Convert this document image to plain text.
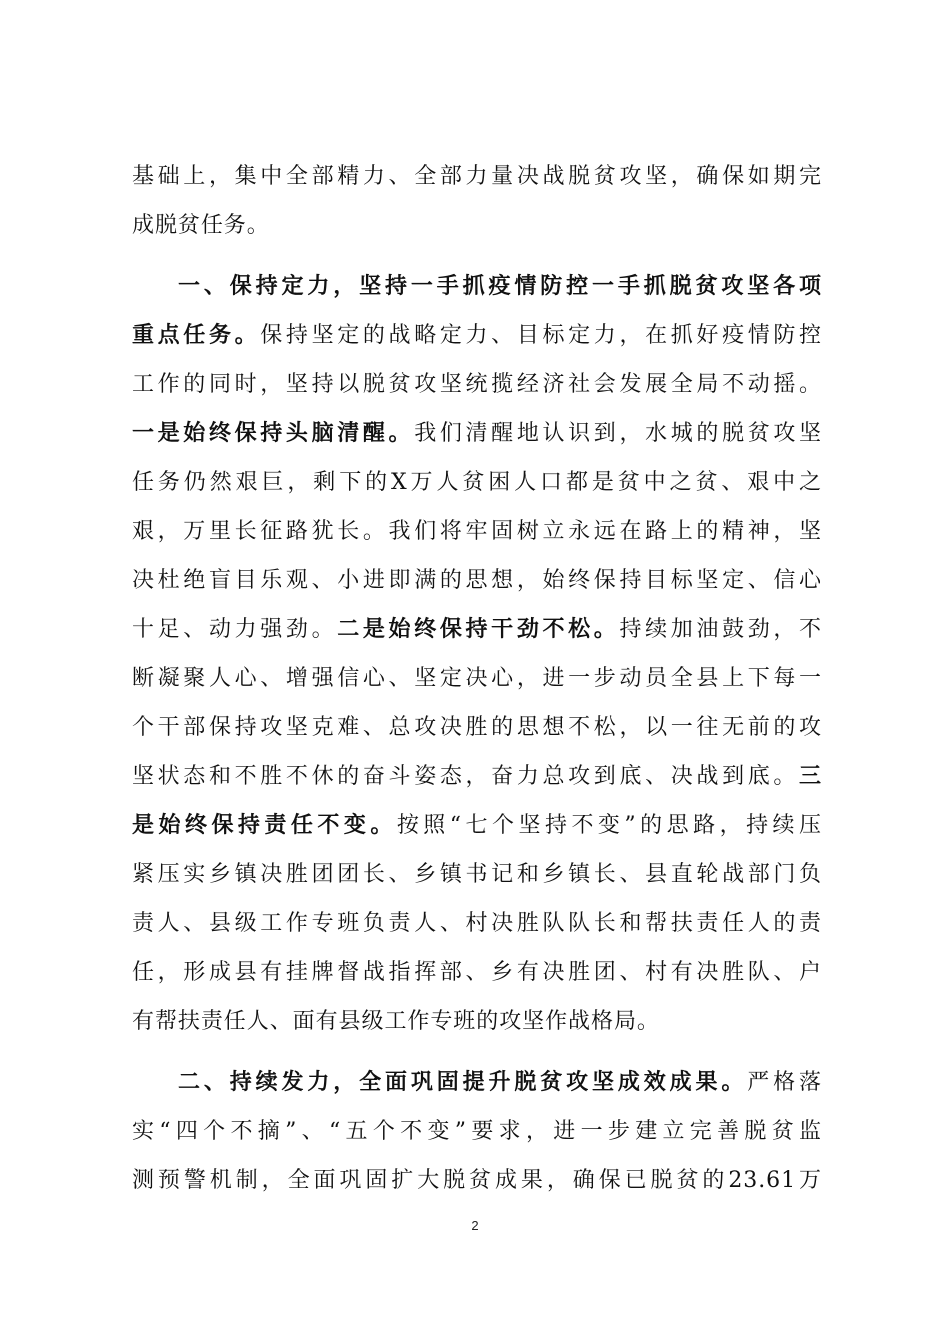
基础上，集中全部精力、全部力量决战脱贫攻坚，确保如期完
成脱贫任务。
一、保持定力，坚持一手抓疫情防控一手抓脱贫攻坚各项
重点任务。保持坚定的战略定力、目标定力，在抓好疫情防控
工作的同时，坚持以脱贫攻坚统揽经济社会发展全局不动摇。
一是始终保持头脑清醒。我们清醒地认识到，水城的脱贫攻坚
任务仍然艰巨，剩下的X万人贫困人口都是贫中之贫、艰中之
艰，万里长征路犹长。我们将牢固树立永远在路上的精神，坚
决杜绝盲目乐观、小进即满的思想，始终保持目标坚定、信心
十足、动力强劲。二是始终保持干劲不松。持续加油鼓劲，不
断凝聚人心、增强信心、坚定决心，进一步动员全县上下每一
个干部保持攻坚克难、总攻决胜的思想不松，以一往无前的攻
坚状态和不胜不休的奋斗姿态，奋力总攻到底、决战到底。三
是始终保持责任不变。按照“七个坚持不变”的思路，持续压
紧压实乡镇决胜团团长、乡镇书记和乡镇长、县直轮战部门负
责人、县级工作专班负责人、村决胜队队长和帮扶责任人的责
任，形成县有挂牌督战指挥部、乡有决胜团、村有决胜队、户
有帮扶责任人、面有县级工作专班的攻坚作战格局。
二、持续发力，全面巩固提升脱贫攻坚成效成果。严格落
实“四个不摘”、“五个不变”要求，进一步建立完善脱贫监
测预警机制，全面巩固扩大脱贫成果，确保已脱贫的23.61万
2
